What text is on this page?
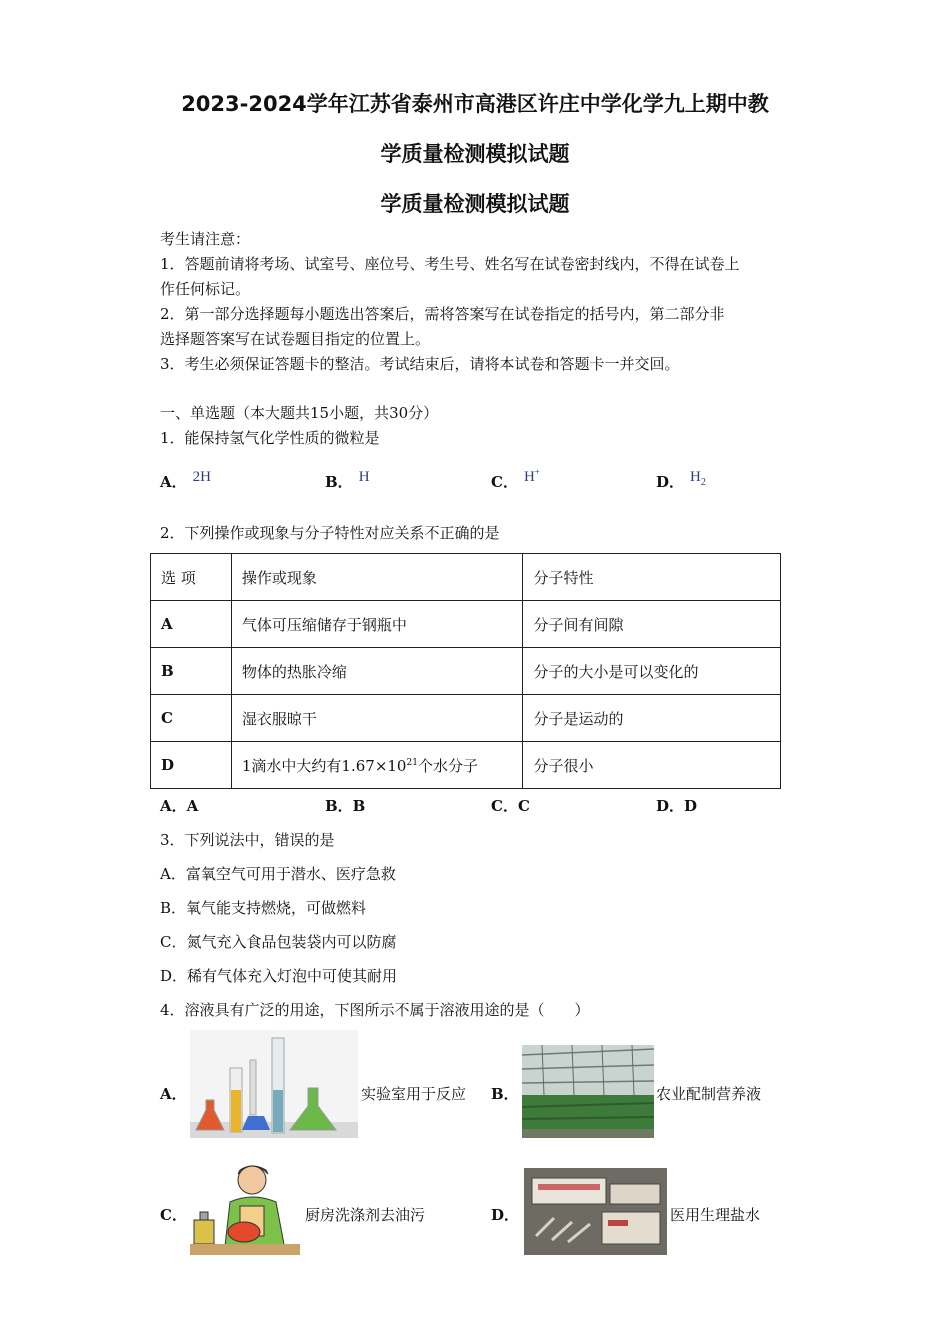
2023-2024学年江苏省泰州市高港区许庄中学化学九上期中教
学质量检测模拟试题
学质量检测模拟试题
考生请注意：
1．答题前请将考场、试室号、座位号、考生号、姓名写在试卷密封线内，不得在试卷上
作任何标记。
2．第一部分选择题每小题选出答案后，需将答案写在试卷指定的括号内，第二部分非
选择题答案写在试卷题目指定的位置上。
3．考生必须保证答题卡的整洁。考试结束后，请将本试卷和答题卡一并交回。
一、单选题（本大题共15小题，共30分）
1．能保持氢气化学性质的微粒是
A． 2H	B． H	C． H+
D． $H_2$
2．下列操作或现象与分子特性对应关系不正确的是
选 项	操作或现象	分子特性
A	气体可压缩储存于钢瓶中	分子间有间隙
B	物体的热胀冷缩	分子的大小是可以变化的
C	湿衣服晾干	分子是运动的
D	1滴水中大约有$1.67\times 10^{21}$个水分子	分子很小
A．A	B．B	C．C	D．D
3．下列说法中，错误的是
A．富氧空气可用于潜水、医疗急救
B．氧气能支持燃烧，可做燃料
C．氮气充入食品包装袋内可以防腐
D．稀有气体充入灯泡中可使其耐用
4．溶液具有广泛的用途，下图所示不属于溶液用途的是（　　）
A．	实验室用于反应 B．	农业配制营养液
C．	厨房洗涤剂去油污	D．	医用生理盐水
